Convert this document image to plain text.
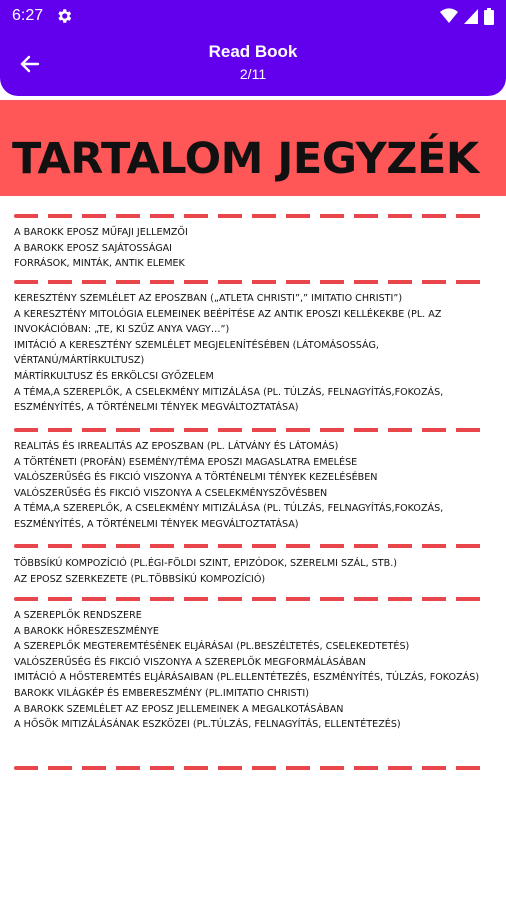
6:27
Read Book
2/11
TARTALOM JEGYZÉK
A BAROKK EPOSZ MŰFAJI JELLEMZŐI
A BAROKK EPOSZ SAJÁTOSSÁGAI
FORRÁSOK, MINTÁK, ANTIK ELEMEK
KERESZTÉNY SZEMLÉLET AZ EPOSZBAN („ATLETA CHRISTI”,” IMITATIO CHRISTI”)
A KERESZTÉNY MITOLÓGIA ELEMEINEK BEÉPÍTÉSE AZ ANTIK EPOSZI KELLÉKEKBE (PL. AZ INVOKÁCIÓBAN: „TE, KI SZŰZ ANYA VAGY…”)
IMITÁCIÓ A KERESZTÉNY SZEMLÉLET MEGJELENÍTÉSÉBEN (LÁTOMÁSOSSÁG, VÉRTANÚ/MÁRTÍRKULTUSZ)
MÁRTÍRKULTUSZ ÉS ERKÖLCSI GYŐZELEM
A TÉMA,A SZEREPLŐK, A CSELEKMÉNY MITIZÁLÁSA (PL. TÚLZÁS, FELNAGYÍTÁS,FOKOZÁS, ESZMÉNYÍTÉS, A TÖRTÉNELMI TÉNYEK MEGVÁLTOZTATÁSA)
REALITÁS ÉS IRREALITÁS AZ EPOSZBAN (PL. LÁTVÁNY ÉS LÁTOMÁS)
A TÖRTÉNETI (PROFÁN) ESEMÉNY/TÉMA EPOSZI MAGASLATRA EMELÉSE
VALÓSZERŰSÉG ÉS FIKCIÓ VISZONYA A TÖRTÉNELMI TÉNYEK KEZELÉSÉBEN
VALÓSZERŰSÉG ÉS FIKCIÓ VISZONYA A CSELEKMÉNYSZÖVÉSBEN
A TÉMA,A SZEREPLŐK, A CSELEKMÉNY MITIZÁLÁSA (PL. TÚLZÁS, FELNAGYÍTÁS,FOKOZÁS, ESZMÉNYÍTÉS, A TÖRTÉNELMI TÉNYEK MEGVÁLTOZTATÁSA)
TÖBBSÍKÚ KOMPOZÍCIÓ (PL.ÉGI-FÖLDI SZINT, EPIZÓDOK, SZERELMI SZÁL, STB.)
AZ EPOSZ SZERKEZETE (PL.TÖBBSÍKÚ KOMPOZÍCIÓ)
A SZEREPLŐK RENDSZERE
A BAROKK HŐRESZESZMÉNYE
A SZEREPLŐK MEGTEREMTÉSÉNEK ELJÁRÁSAI (PL.BESZÉLTETÉS, CSELEKEDTETÉS)
VALÓSZERŰSÉG ÉS FIKCIÓ VISZONYA A SZEREPLŐK MEGFORMÁLÁSÁBAN
IMITÁCIÓ A HŐSTEREMTÉS ELJÁRÁSAIBAN (PL.ELLENTÉTEZÉS, ESZMÉNYÍTÉS, TÚLZÁS, FOKOZÁS)
BAROKK VILÁGKÉP ÉS EMBERESZMÉNY (PL.IMITATIO CHRISTI)
A BAROKK SZEMLÉLET AZ EPOSZ JELLEMEINEK A MEGALKOTÁSÁBAN
A HŐSÖK MITIZÁLÁSÁNAK ESZKÖZEI (PL.TÚLZÁS, FELNAGYÍTÁS, ELLENTÉTEZÉS)
